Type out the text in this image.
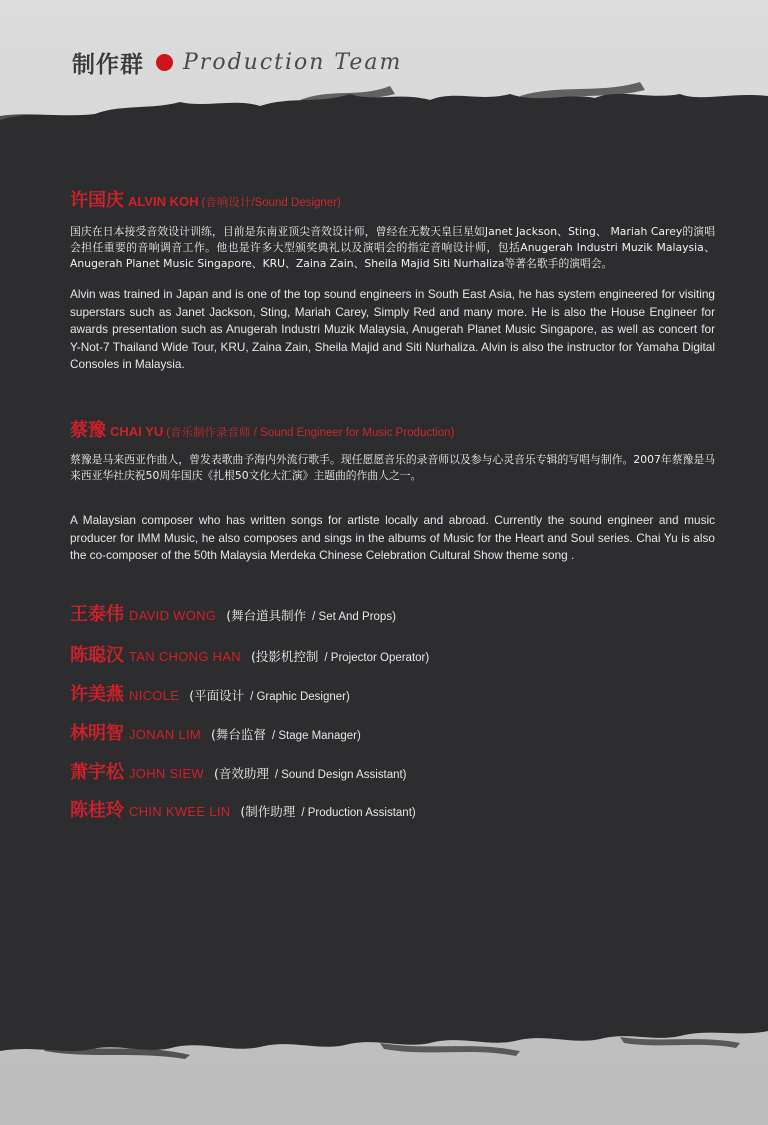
制作群 Production Team
许国庆 ALVIN KOH (音响设计/Sound Designer)

国庆在日本接受音效设计训练，目前是东南亚顶尖音效设计师，曾经在无数天皇巨星如Janet Jackson、Sting、 Mariah Carey的演唱会担任重要的音响调音工作。他也是许多大型颁奖典礼以及演唱会的指定音响设计师，包括Anugerah Industri Muzik Malaysia、Anugerah Planet Music Singapore、KRU、Zaina Zain、Sheila Majid Siti Nurhaliza等著名歌手的演唱会。

Alvin was trained in Japan and is one of the top sound engineers in South East Asia, he has system engineered for visiting superstars such as Janet Jackson, Sting, Mariah Carey, Simply Red and many more. He is also the House Engineer for awards presentation such as Anugerah Industri Muzik Malaysia, Anugerah Planet Music Singapore, as well as concert for Y-Not-7 Thailand Wide Tour, KRU, Zaina Zain, Sheila Majid and Siti Nurhaliza. Alvin is also the instructor for Yamaha Digital Consoles in Malaysia.

蔡豫 CHAI YU (音乐制作录音师 / Sound Engineer for Music Production)

蔡豫是马来西亚作曲人，曾发表歌曲予海内外流行歌手。现任愿愿音乐的录音师以及参与心灵音乐专辑的写唱与制作。2007年蔡豫是马来西亚华社庆祝50周年国庆《扎根50文化大汇演》主题曲的作曲人之一。

A Malaysian composer who has written songs for artiste locally and abroad. Currently the sound engineer and music producer for IMM Music, he also composes and sings in the albums of Music for the Heart and Soul series. Chai Yu is also the co-composer of the 50th Malaysia Merdeka Chinese Celebration Cultural Show theme song .

王泰伟 DAVID WONG (舞台道具制作 / Set And Props)
陈聪汉 TAN CHONG HAN (投影机控制 / Projector Operator)
许美燕 NICOLE (平面设计 / Graphic Designer)
林明智 JONAN LIM (舞台监督 / Stage Manager)
萧宇松 JOHN SIEW (音效助理 / Sound Design Assistant)
陈桂玲 CHIN KWEE LIN (制作助理 / Production Assistant)
